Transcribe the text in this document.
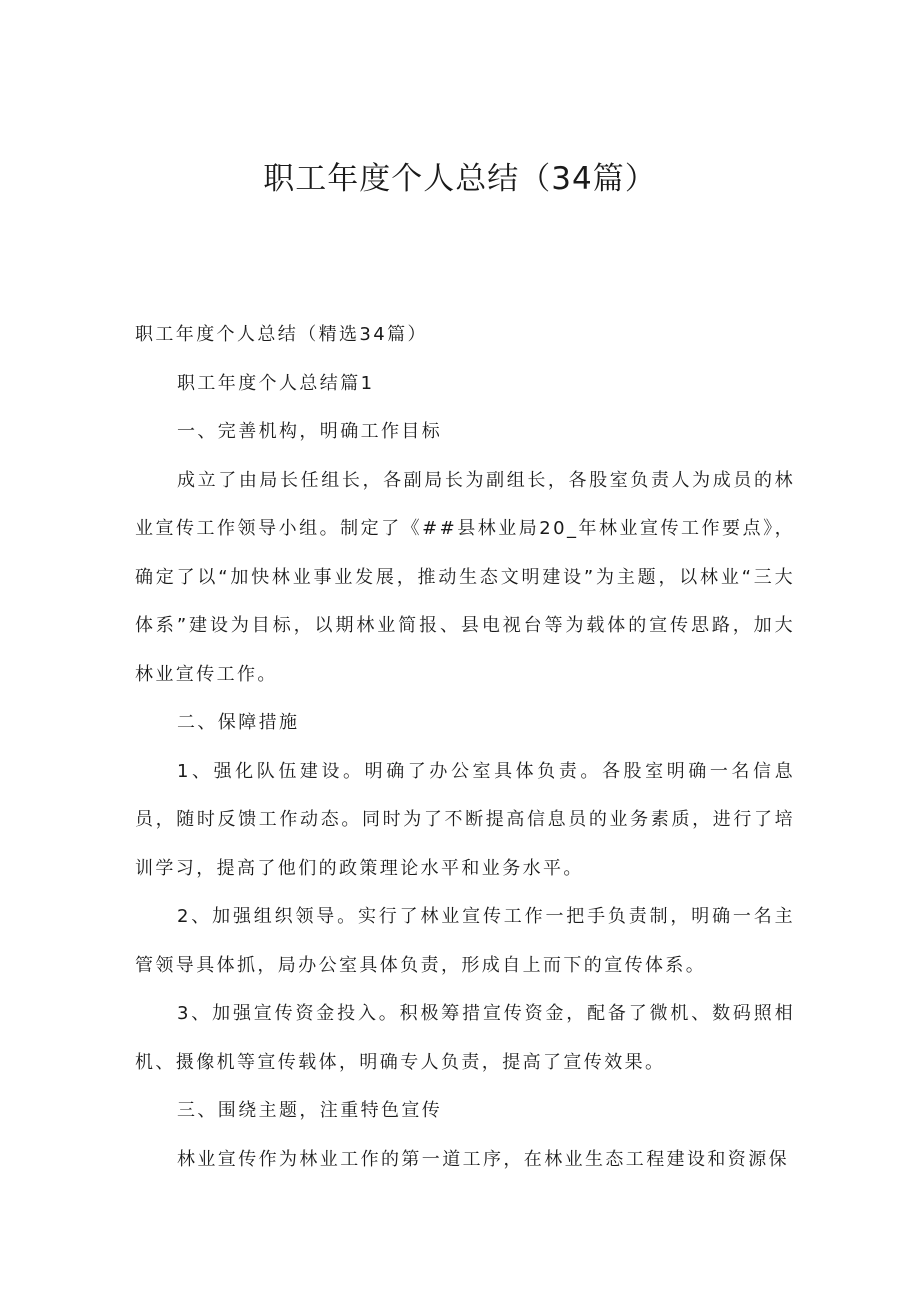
职工年度个人总结（34篇）

职工年度个人总结（精选34篇）

职工年度个人总结篇1

一、完善机构，明确工作目标

成立了由局长任组长，各副局长为副组长，各股室负责人为成员的林业宣传工作领导小组。制定了《##县林业局20_年林业宣传工作要点》，确定了以“加快林业事业发展，推动生态文明建设”为主题，以林业“三大体系”建设为目标，以期林业简报、县电视台等为载体的宣传思路，加大林业宣传工作。

二、保障措施

1、强化队伍建设。明确了办公室具体负责。各股室明确一名信息员，随时反馈工作动态。同时为了不断提高信息员的业务素质，进行了培训学习，提高了他们的政策理论水平和业务水平。

2、加强组织领导。实行了林业宣传工作一把手负责制，明确一名主管领导具体抓，局办公室具体负责，形成自上而下的宣传体系。

3、加强宣传资金投入。积极筹措宣传资金，配备了微机、数码照相机、摄像机等宣传载体，明确专人负责，提高了宣传效果。

三、围绕主题，注重特色宣传

林业宣传作为林业工作的第一道工序，在林业生态工程建设和资源保
